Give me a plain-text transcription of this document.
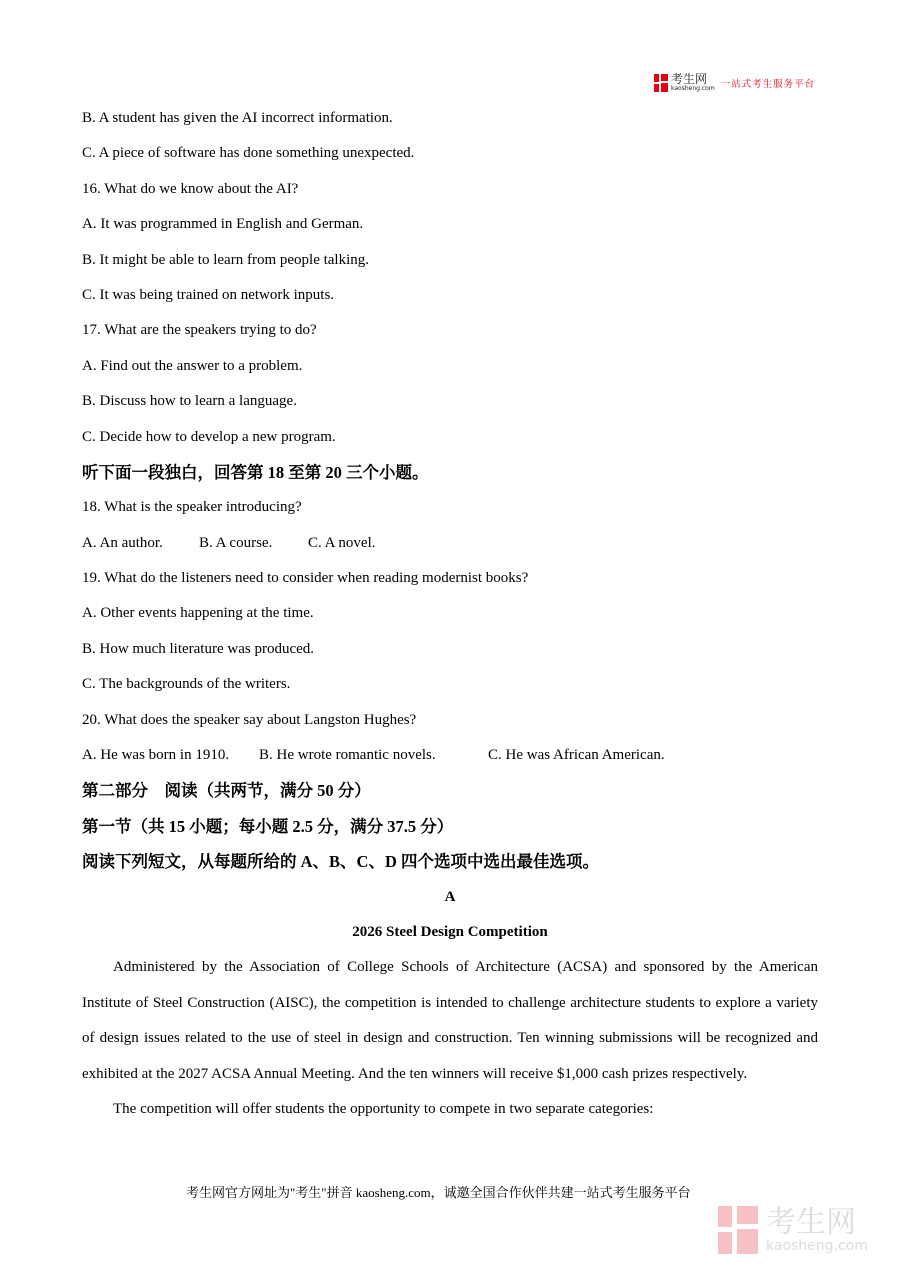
考生网
kaosheng.com 一站式考生服务平台
B. A student has given the AI incorrect information.
C. A piece of software has done something unexpected.
16. What do we know about the AI?
A. It was programmed in English and German.
B. It might be able to learn from people talking.
C. It was being trained on network inputs.
17. What are the speakers trying to do?
A. Find out the answer to a problem.
B. Discuss how to learn a language.
C. Decide how to develop a new program.
听下面一段独白，回答第 18 至第 20 三个小题。
18. What is the speaker introducing?
A. An author. B. A course. C. A novel.
19. What do the listeners need to consider when reading modernist books?
A. Other events happening at the time.
B. How much literature was produced.
C. The backgrounds of the writers.
20. What does the speaker say about Langston Hughes?
A. He was born in 1910. B. He wrote romantic novels.	C. He was African American.
第二部分　阅读（共两节，满分 50 分）
第一节（共 15 小题；每小题 2.5 分，满分 37.5 分）
阅读下列短文，从每题所给的 A、B、C、D 四个选项中选出最佳选项。
A
2026 Steel Design Competition
Administered by the Association of College Schools of Architecture (ACSA) and sponsored by the American Institute of Steel Construction (AISC), the competition is intended to challenge architecture students to explore a variety of design issues related to the use of steel in design and construction. Ten winning submissions will be recognized and exhibited at the 2027 ACSA Annual Meeting. And the ten winners will receive $1,000 cash prizes respectively.
The competition will offer students the opportunity to compete in two separate categories:
考生网官方网址为"考生"拼音 kaosheng.com，诚邀全国合作伙伴共建一站式考生服务平台
考生网
kaosheng.com
